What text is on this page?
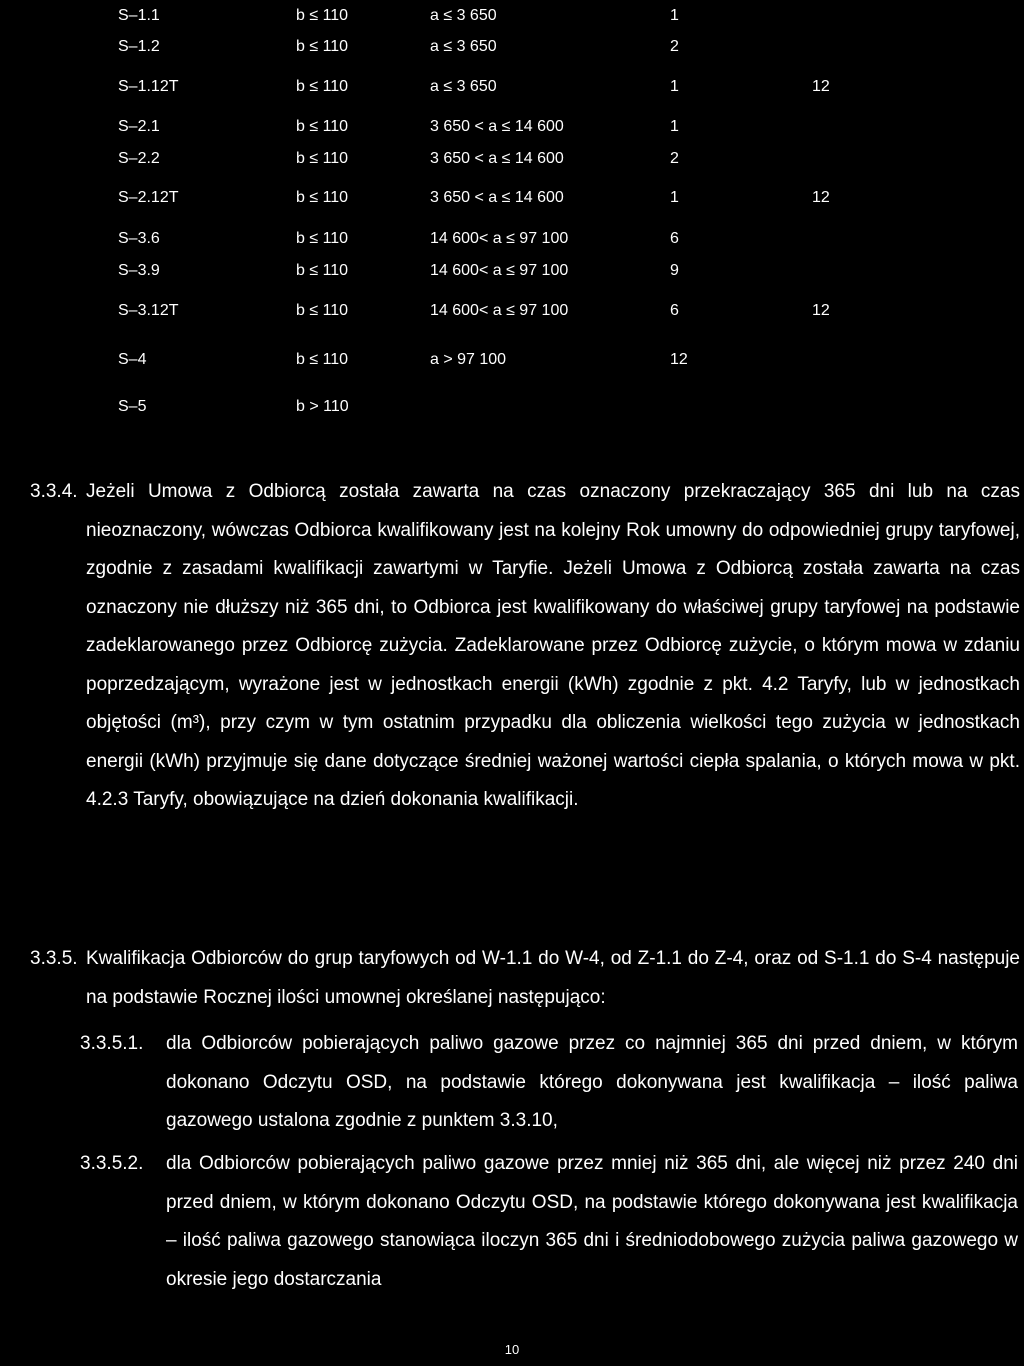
S–1.1	b ≤ 110	a ≤ 3 650	1
S–1.2	b ≤ 110	a ≤ 3 650	2
S–1.12T	b ≤ 110	a ≤ 3 650	1	12
S–2.1	b ≤ 110	3 650 < a ≤ 14 600	1
S–2.2	b ≤ 110	3 650 < a ≤ 14 600	2
S–2.12T	b ≤ 110	3 650 < a ≤ 14 600	1	12
S–3.6	b ≤ 110	14 600< a ≤ 97 100	6
S–3.9	b ≤ 110	14 600< a ≤ 97 100	9
S–3.12T	b ≤ 110	14 600< a ≤ 97 100	6	12
S–4	b ≤ 110	a > 97 100	12
S–5	b > 110
3.3.4. Jeżeli Umowa z Odbiorcą została zawarta na czas oznaczony przekraczający 365 dni lub na czas nieoznaczony, wówczas Odbiorca kwalifikowany jest na kolejny Rok umowny do odpowiedniej grupy taryfowej, zgodnie z zasadami kwalifikacji zawartymi w Taryfie. Jeżeli Umowa z Odbiorcą została zawarta na czas oznaczony nie dłuższy niż 365 dni, to Odbiorca jest kwalifikowany do właściwej grupy taryfowej na podstawie zadeklarowanego przez Odbiorcę zużycia. Zadeklarowane przez Odbiorcę zużycie, o którym mowa w zdaniu poprzedzającym, wyrażone jest w jednostkach energii (kWh) zgodnie z pkt. 4.2 Taryfy, lub w jednostkach objętości (m³), przy czym w tym ostatnim przypadku dla obliczenia wielkości tego zużycia w jednostkach energii (kWh) przyjmuje się dane dotyczące średniej ważonej wartości ciepła spalania, o których mowa w pkt. 4.2.3 Taryfy, obowiązujące na dzień dokonania kwalifikacji.
3.3.5. Kwalifikacja Odbiorców do grup taryfowych od W-1.1 do W-4, od Z-1.1 do Z-4, oraz od S-1.1 do S-4 następuje na podstawie Rocznej ilości umownej określanej następująco:
3.3.5.1. dla Odbiorców pobierających paliwo gazowe przez co najmniej 365 dni przed dniem, w którym dokonano Odczytu OSD, na podstawie którego dokonywana jest kwalifikacja – ilość paliwa gazowego ustalona zgodnie z punktem 3.3.10,
3.3.5.2. dla Odbiorców pobierających paliwo gazowe przez mniej niż 365 dni, ale więcej niż przez 240 dni przed dniem, w którym dokonano Odczytu OSD, na podstawie którego dokonywana jest kwalifikacja – ilość paliwa gazowego stanowiąca iloczyn 365 dni i średniodobowego zużycia paliwa gazowego w okresie jego dostarczania
10
